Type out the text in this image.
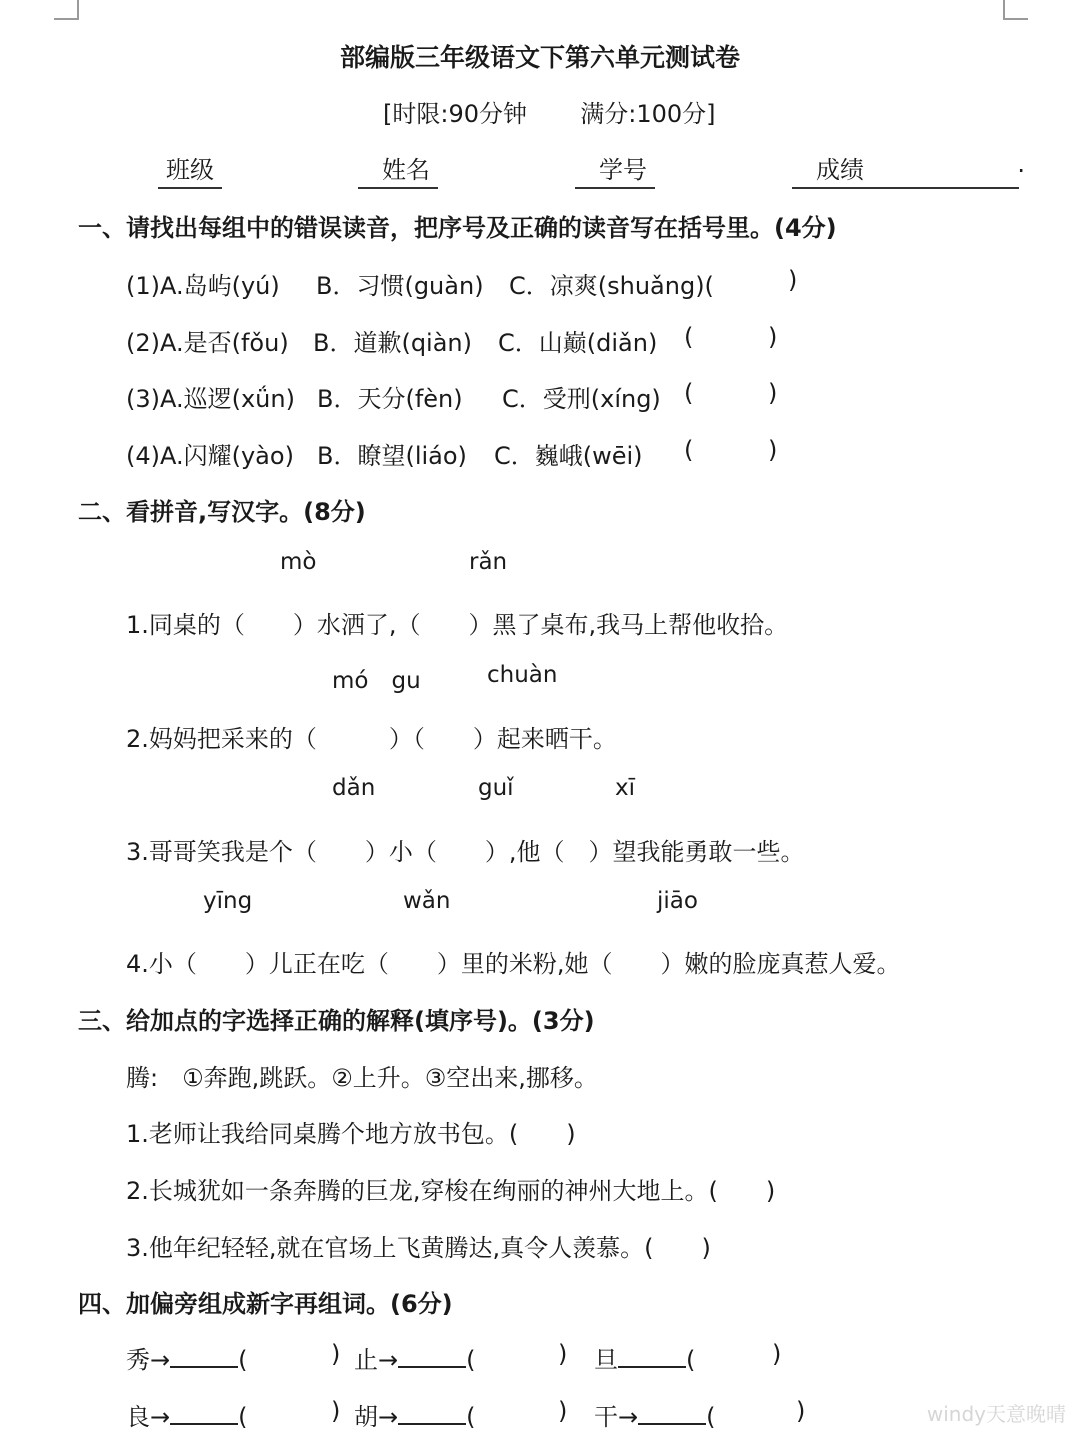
部编版三年级语文下第六单元测试卷
[时限:90分钟 满分:100分]
班级	姓名	学号	成绩	.
一、请找出每组中的错误读音，把序号及正确的读音写在括号里。(4分)
(1)A.岛屿(yú) B．习惯(guàn) C．凉爽(shuǎng)(	)
(2)A.是否(fǒu) B．道歉(qiàn) C．山巅(diǎn) (	)
(3)A.巡逻(xǘn) B．天分(fèn) C．受刑(xíng) (	)
(4)A.闪耀(yào) B．瞭望(liáo) C．巍峨(wēi) (	)
二、看拼音,写汉字。(8分)
mò	rǎn
1.同桌的（　　）水洒了,（　　）黑了桌布,我马上帮他收拾。
mó　gu	chuàn
2.妈妈把采来的（　　　）（　　）起来晒干。
dǎn	guǐ	xī
3.哥哥笑我是个（　　）小（　　）,他（　）望我能勇敢一些。
yīng	wǎn	jiāo
4.小（　　）儿正在吃（　　）里的米粉,她（　　）嫩的脸庞真惹人爱。
三、给加点的字选择正确的解释(填序号)。(3分)
腾:　①奔跑,跳跃。②上升。③空出来,挪移。
1.老师让我给同桌腾个地方放书包。(　　)
2.长城犹如一条奔腾的巨龙,穿梭在绚丽的神州大地上。(　　)
3.他年纪轻轻,就在官场上飞黄腾达,真令人羡慕。(　　)
四、加偏旁组成新字再组词。(6分)
秀→	(	) 止→	(	) 旦	(	)
良→	(	) 胡→	(	) 干→	(	)	windy天意晚晴
